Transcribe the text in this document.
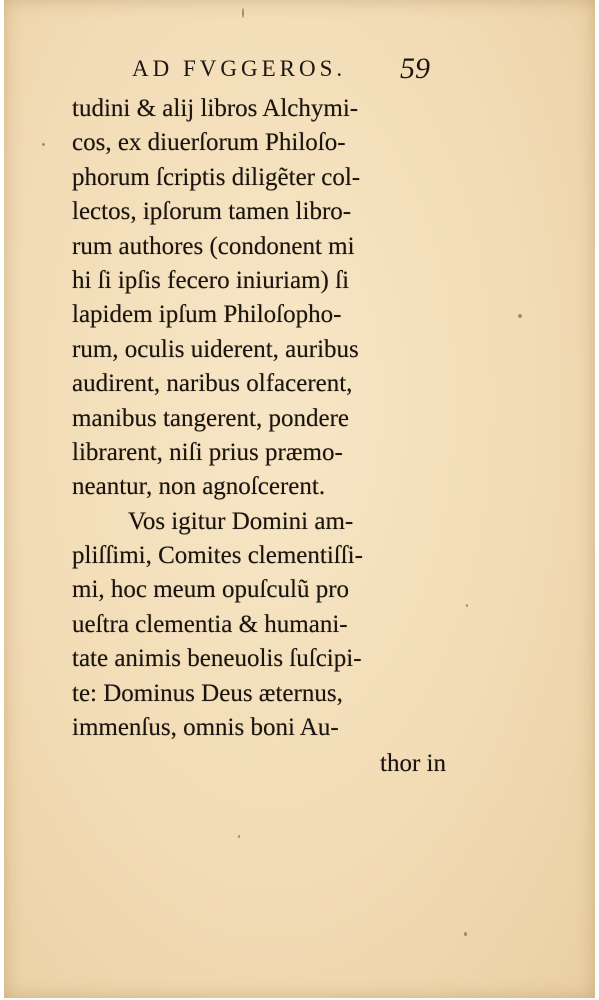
AD FVGGEROS. 59
tudini & alij libros Alchymi-
cos, ex diuerſorum Philoſo-
phorum ſcriptis diligẽter col-
lectos, ipſorum tamen libro-
rum authores (condonent mi
hi ſi ipſis fecero iniuriam) ſi
lapidem ipſum Philoſopho-
rum, oculis uiderent, auribus
audirent, naribus olfacerent,
manibus tangerent, pondere
librarent, niſi prius præmo-
neantur, non agnoſcerent.
Vos igitur Domini am-
pliſſimi, Comites clementiſſi-
mi, hoc meum opuſculũ pro
ueſtra clementia & humani-
tate animis beneuolis ſuſcipi-
te: Dominus Deus æternus,
immenſus, omnis boni Au-
thor in
